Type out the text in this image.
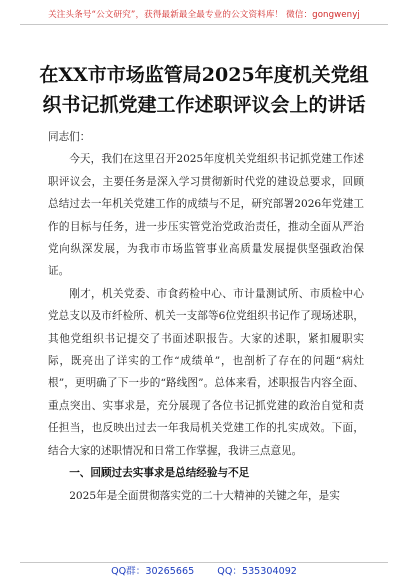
关注头条号“公文研究”，获得最新最全最专业的公文资料库！ 微信：gongwenyj
在XX市市场监管局2025年度机关党组
织书记抓党建工作述职评议会上的讲话

同志们：

今天，我们在这里召开2025年度机关党组织书记抓党建工作述职评议会，主要任务是深入学习贯彻新时代党的建设总要求，回顾总结过去一年机关党建工作的成绩与不足，研究部署2026年党建工作的目标与任务，进一步压实管党治党政治责任，推动全面从严治党向纵深发展，为我市市场监管事业高质量发展提供坚强政治保证。

刚才，机关党委、市食药检中心、市计量测试所、市质检中心党总支以及市纤检所、机关一支部等6位党组织书记作了现场述职，其他党组织书记提交了书面述职报告。大家的述职，紧扣履职实际，既亮出了详实的工作“成绩单”，也剖析了存在的问题“病灶根”，更明确了下一步的“路线图”。总体来看，述职报告内容全面、重点突出、实事求是，充分展现了各位书记抓党建的政治自觉和责任担当，也反映出过去一年我局机关党建工作的扎实成效。下面，结合大家的述职情况和日常工作掌握，我讲三点意见。

一、回顾过去实事求是总结经验与不足

2025年是全面贯彻落实党的二十大精神的关键之年，是实

QQ群：30265665 QQ：535304092
